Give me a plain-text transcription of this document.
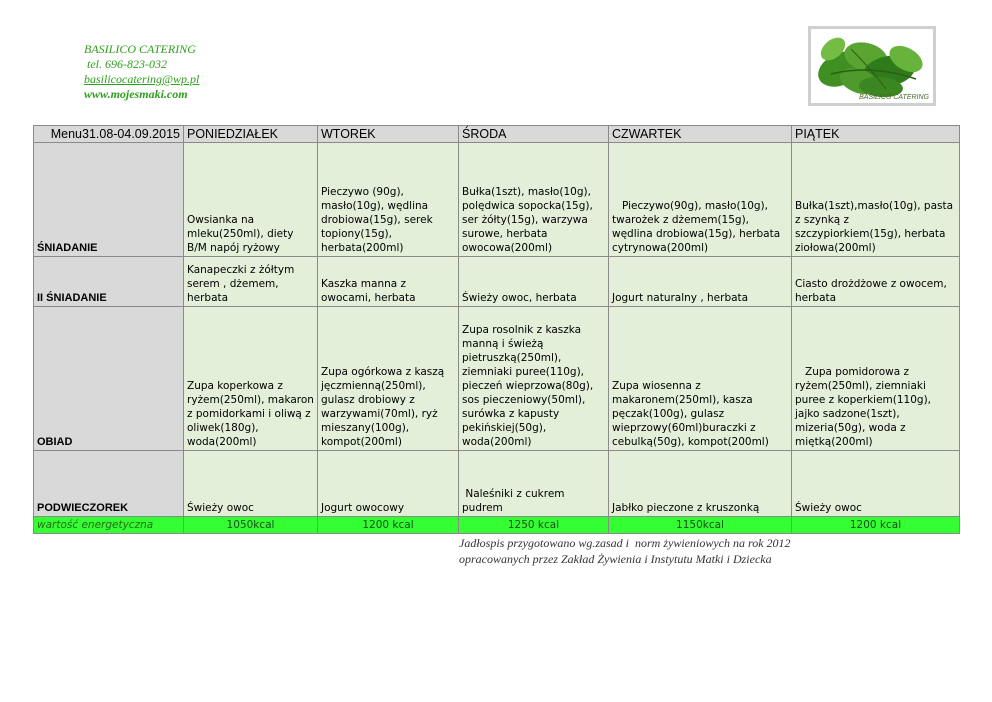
BASILICO CATERING
tel. 696-823-032
basilicocatering@wp.pl
www.mojesmaki.com	BASILICO CATERING
Menu31.08-04.09.2015	PONIEDZIAŁEK	WTOREK	ŚRODA	CZWARTEK	PIĄTEK
ŚNIADANIE	Owsianka na mleku(250ml), diety B/M napój ryżowy	Pieczywo (90g), masło(10g), wędlina drobiowa(15g), serek topiony(15g), herbata(200ml)	Bułka(1szt), masło(10g), polędwica sopocka(15g), ser żółty(15g), warzywa surowe, herbata owocowa(200ml)	Pieczywo(90g), masło(10g), twarożek z dżemem(15g), wędlina drobiowa(15g), herbata cytrynowa(200ml)	Bułka(1szt),masło(10g), pasta z szynką z szczypiorkiem(15g), herbata ziołowa(200ml)
II ŚNIADANIE	Kanapeczki z żółtym serem , dżemem, herbata	Kaszka manna z owocami, herbata	Świeży owoc, herbata	Jogurt naturalny , herbata	Ciasto drożdżowe z owocem, herbata
OBIAD	Zupa koperkowa z ryżem(250ml), makaron z pomidorkami i oliwą z oliwek(180g), woda(200ml)	Zupa ogórkowa z kaszą jęczmienną(250ml), gulasz drobiowy z warzywami(70ml), ryż mieszany(100g), kompot(200ml)	Zupa rosolnik z kaszka manną i świeżą pietruszką(250ml), ziemniaki puree(110g), pieczeń wieprzowa(80g), sos pieczeniowy(50ml), surówka z kapusty pekińskiej(50g), woda(200ml)	Zupa wiosenna z makaronem(250ml), kasza pęczak(100g), gulasz wieprzowy(60ml)buraczki z cebulką(50g), kompot(200ml)	Zupa pomidorowa z ryżem(250ml), ziemniaki puree z koperkiem(110g), jajko sadzone(1szt), mizeria(50g), woda z miętką(200ml)
PODWIECZOREK	Świeży owoc	Jogurt owocowy	Naleśniki z cukrem pudrem	Jabłko pieczone z kruszonką	Świeży owoc
wartość energetyczna	1050kcal	1200 kcal	1250 kcal	1150kcal	1200 kcal
Jadłospis przygotowano wg.zasad i  norm żywieniowych na rok 2012
opracowanych przez Zakład Żywienia i Instytutu Matki i Dziecka
